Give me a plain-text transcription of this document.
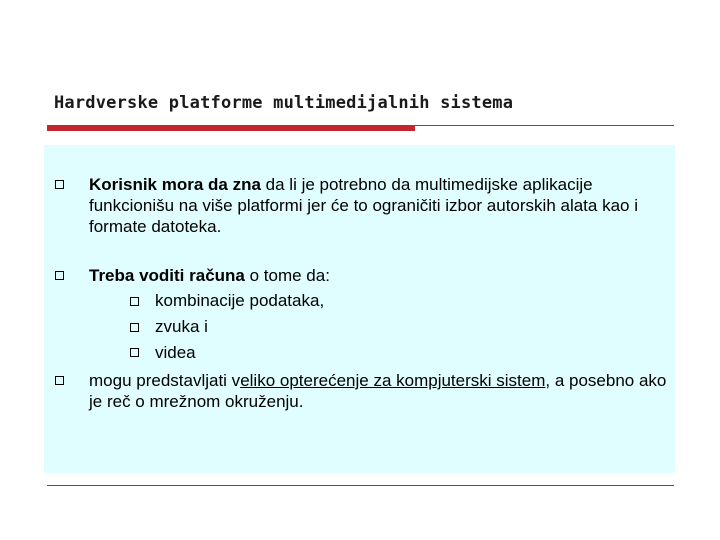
Hardverske platforme multimedijalnih sistema
Korisnik mora da zna da li je potrebno da multimedijske aplikacije funkcionišu na više platformi jer će to ograničiti izbor autorskih alata kao i formate datoteka.
Treba voditi računa o tome da:
kombinacije podataka,
zvuka i
videa
mogu predstavljati veliko opterećenje za kompjuterski sistem, a posebno ako je reč o mrežnom okruženju.
